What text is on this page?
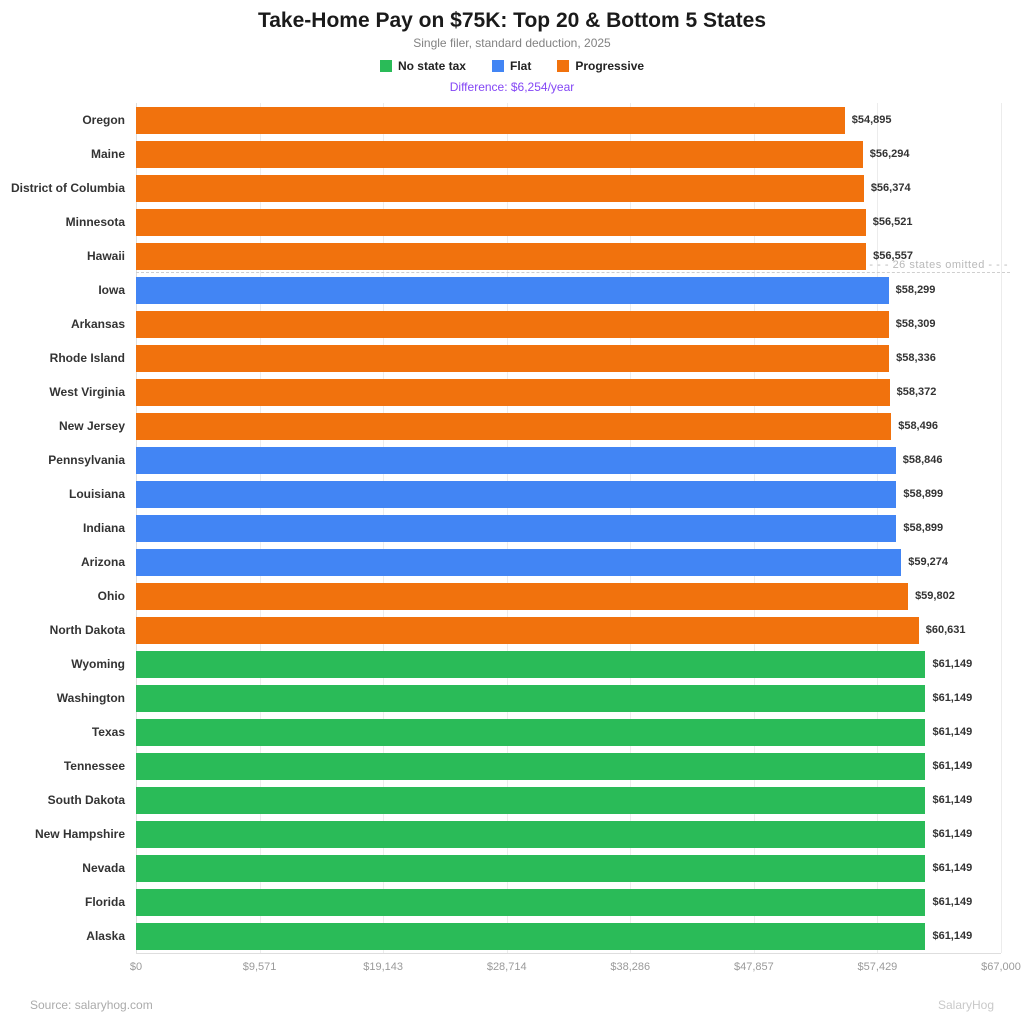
Take-Home Pay on $75K: Top 20 & Bottom 5 States
Single filer, standard deduction, 2025
No state tax	Flat	Progressive
Difference: $6,254/year
Oregon	$54,895
Maine	$56,294
District of Columbia	$56,374
Minnesota	$56,521
Hawaii	$56,557
Iowa	$58,299
Arkansas	$58,309
Rhode Island	$58,336
West Virginia	$58,372
New Jersey	$58,496
Pennsylvania	$58,846
Louisiana	$58,899
Indiana	$58,899
Arizona	$59,274
Ohio	$59,802
North Dakota	$60,631
Wyoming	$61,149
Washington	$61,149
Texas	$61,149
Tennessee	$61,149
South Dakota	$61,149
New Hampshire	$61,149
Nevada	$61,149
Florida	$61,149
Alaska	$61,149
$0	$9,571	$19,143	$28,714	$38,286	$47,857	$57,429	$67,000
- - - 26 states omitted - - -
Source: salaryhog.com	SalaryHog
